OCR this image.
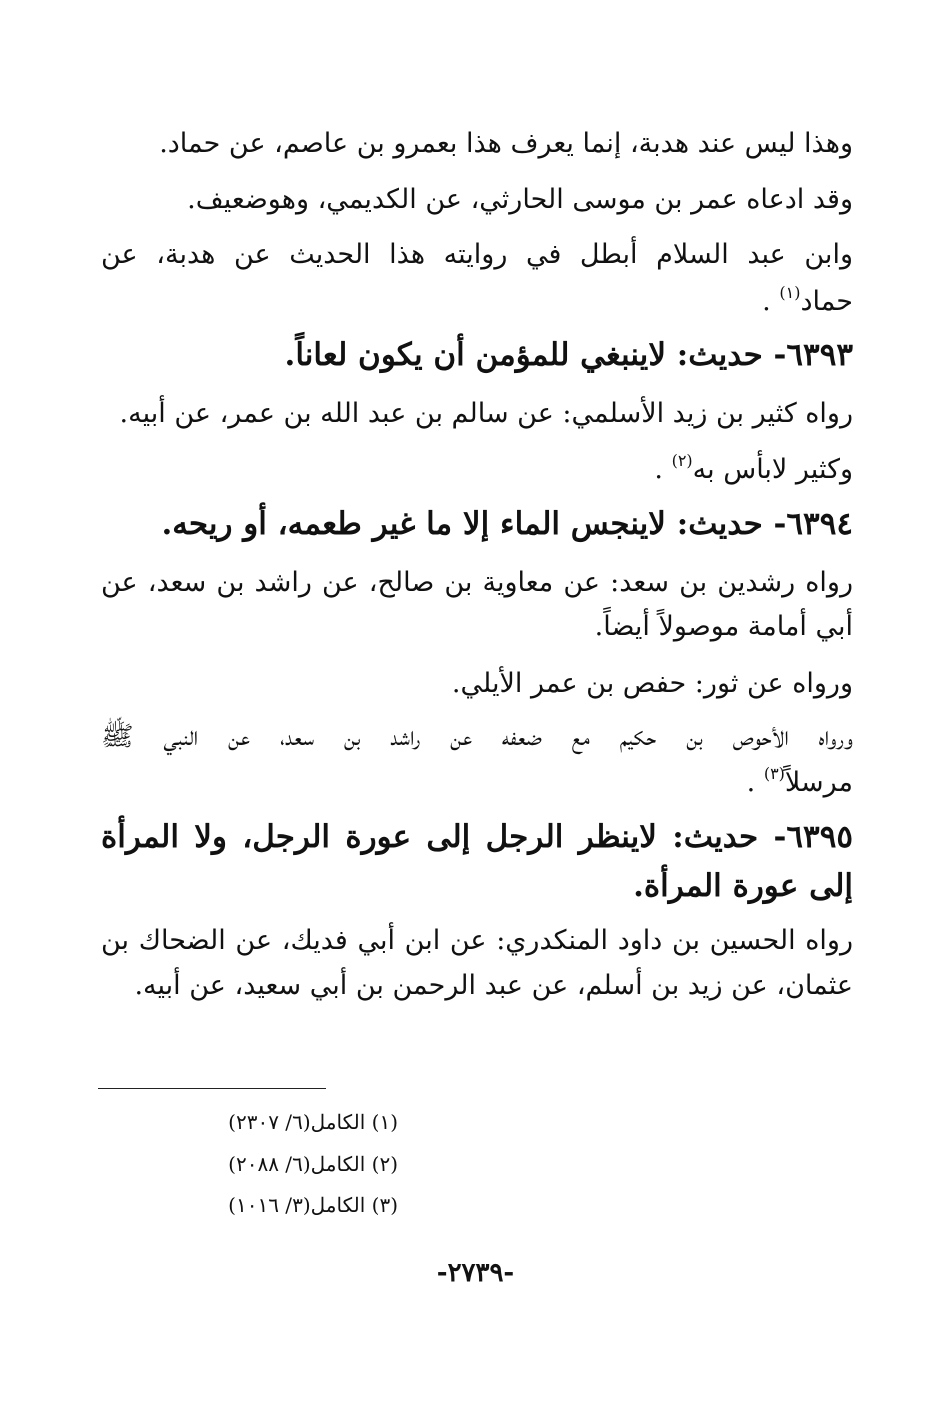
وهذا ليس عند هدبة، إنما يعرف هذا بعمرو بن عاصم، عن حماد.
وقد ادعاه عمر بن موسى الحارثي، عن الكديمي، وهوضعيف.
وابن عبد السلام أبطل في روايته هذا الحديث عن هدبة، عن
حماد$^{(١)}$ .
٦٣٩٣- حديث: لاينبغي للمؤمن أن يكون لعاناً.
رواه كثير بن زيد الأسلمي: عن سالم بن عبد الله بن عمر، عن أبيه.
وكثير لابأس به$^{(٢)}$ .
٦٣٩٤- حديث: لاينجس الماء إلا ما غير طعمه، أو ريحه.
رواه رشدين بن سعد: عن معاوية بن صالح، عن راشد بن سعد، عن
أبي أمامة موصولاً أيضاً.
ورواه عن ثور: حفص بن عمر الأيلي.
ورواه الأحوص بن حكيم مع ضعفه عن راشد بن سعد، عن النبي ﷺ
مرسلاً$^{(٣)}$ .
٦٣٩٥- حديث: لاينظر الرجل إلى عورة الرجل، ولا المرأة
إلى عورة المرأة.
رواه الحسين بن داود المنكدري: عن ابن أبي فديك، عن الضحاك بن
عثمان، عن زيد بن أسلم، عن عبد الرحمن بن أبي سعيد، عن أبيه.
(١) الكامل(٦/ ٢٣٠٧)
(٢) الكامل(٦/ ٢٠٨٨)
(٣) الكامل(٣/ ١٠١٦)
-٢٧٣٩-
